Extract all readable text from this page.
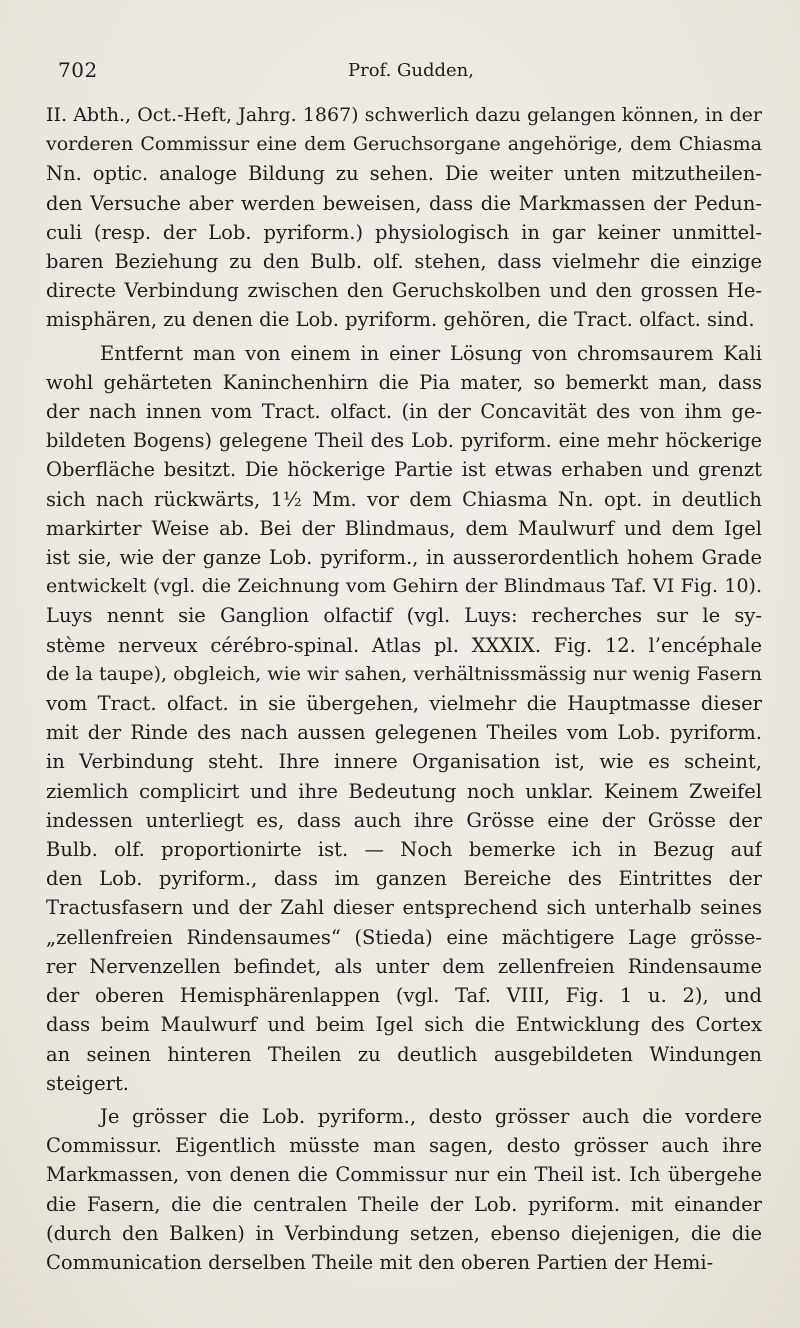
702	Prof. Gudden,

II. Abth., Oct.-Heft, Jahrg. 1867) schwerlich dazu gelangen können, in der
vorderen Commissur eine dem Geruchsorgane angehörige, dem Chiasma
Nn. optic. analoge Bildung zu sehen. Die weiter unten mitzutheilen-
den Versuche aber werden beweisen, dass die Markmassen der Pedun-
culi (resp. der Lob. pyriform.) physiologisch in gar keiner unmittel-
baren Beziehung zu den Bulb. olf. stehen, dass vielmehr die einzige
directe Verbindung zwischen den Geruchskolben und den grossen He-
misphären, zu denen die Lob. pyriform. gehören, die Tract. olfact. sind.

Entfernt man von einem in einer Lösung von chromsaurem Kali
wohl gehärteten Kaninchenhirn die Pia mater, so bemerkt man, dass
der nach innen vom Tract. olfact. (in der Concavität des von ihm ge-
bildeten Bogens) gelegene Theil des Lob. pyriform. eine mehr höckerige
Oberfläche besitzt. Die höckerige Partie ist etwas erhaben und grenzt
sich nach rückwärts, 1½ Mm. vor dem Chiasma Nn. opt. in deutlich
markirter Weise ab. Bei der Blindmaus, dem Maulwurf und dem Igel
ist sie, wie der ganze Lob. pyriform., in ausserordentlich hohem Grade
entwickelt (vgl. die Zeichnung vom Gehirn der Blindmaus Taf. VI Fig. 10).
Luys nennt sie Ganglion olfactif (vgl. Luys: recherches sur le sy-
stème nerveux cérébro-spinal. Atlas pl. XXXIX. Fig. 12. l’encéphale
de la taupe), obgleich, wie wir sahen, verhältnissmässig nur wenig Fasern
vom Tract. olfact. in sie übergehen, vielmehr die Hauptmasse dieser
mit der Rinde des nach aussen gelegenen Theiles vom Lob. pyriform.
in Verbindung steht. Ihre innere Organisation ist, wie es scheint,
ziemlich complicirt und ihre Bedeutung noch unklar. Keinem Zweifel
indessen unterliegt es, dass auch ihre Grösse eine der Grösse der
Bulb. olf. proportionirte ist. — Noch bemerke ich in Bezug auf
den Lob. pyriform., dass im ganzen Bereiche des Eintrittes der
Tractusfasern und der Zahl dieser entsprechend sich unterhalb seines
„zellenfreien Rindensaumes“ (Stieda) eine mächtigere Lage grösse-
rer Nervenzellen befindet, als unter dem zellenfreien Rindensaume
der oberen Hemisphärenlappen (vgl. Taf. VIII, Fig. 1 u. 2), und
dass beim Maulwurf und beim Igel sich die Entwicklung des Cortex
an seinen hinteren Theilen zu deutlich ausgebildeten Windungen
steigert.

Je grösser die Lob. pyriform., desto grösser auch die vordere
Commissur. Eigentlich müsste man sagen, desto grösser auch ihre
Markmassen, von denen die Commissur nur ein Theil ist. Ich übergehe
die Fasern, die die centralen Theile der Lob. pyriform. mit einander
(durch den Balken) in Verbindung setzen, ebenso diejenigen, die die
Communication derselben Theile mit den oberen Partien der Hemi-
